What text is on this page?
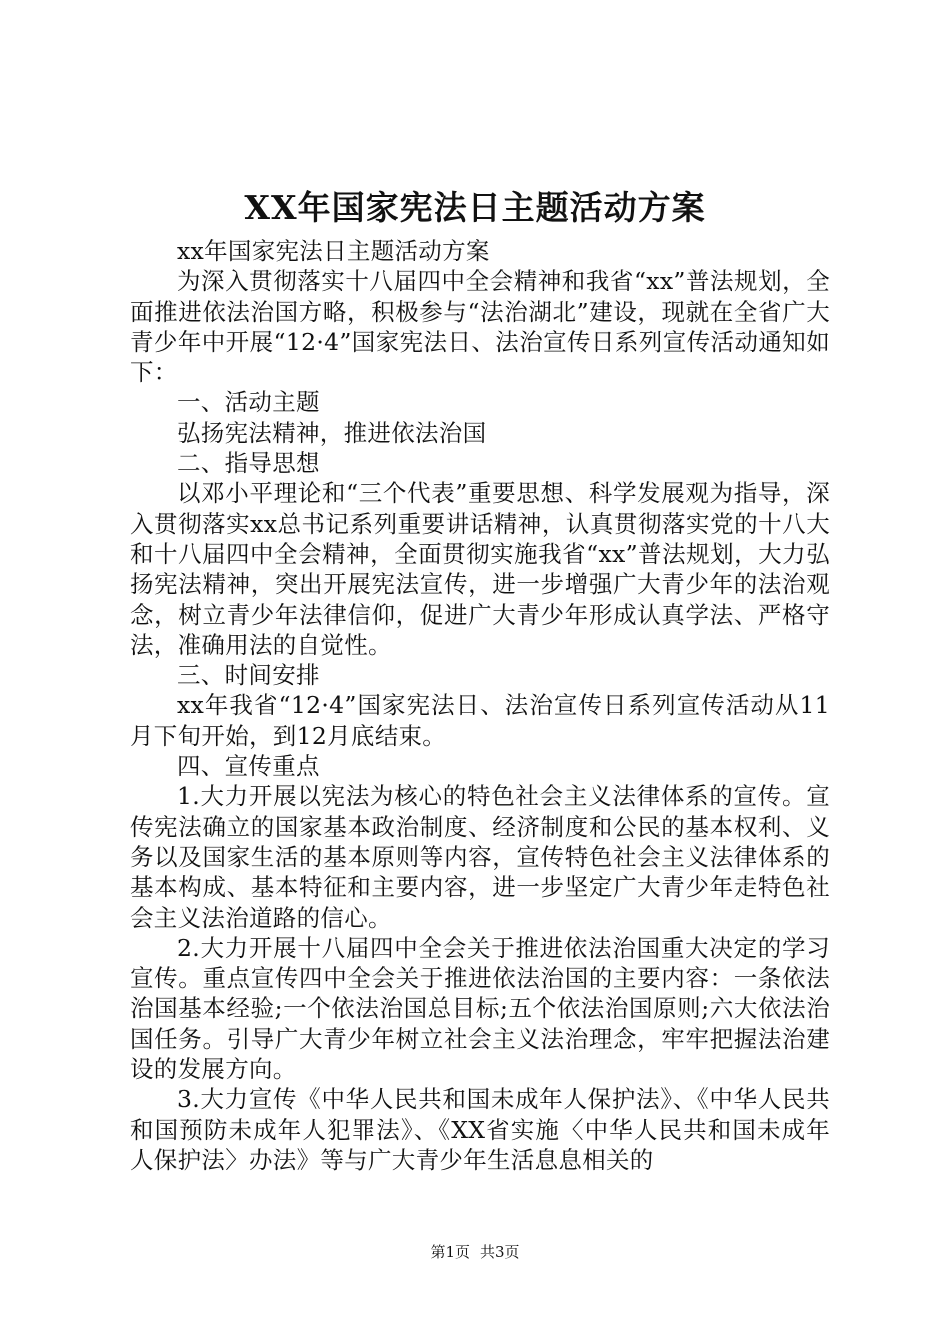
XX年国家宪法日主题活动方案

xx年国家宪法日主题活动方案

为深入贯彻落实十八届四中全会精神和我省“xx”普法规划，全面推进依法治国方略，积极参与“法治湖北”建设，现就在全省广大青少年中开展“12·4”国家宪法日、法治宣传日系列宣传活动通知如下：

一、活动主题

弘扬宪法精神，推进依法治国

二、指导思想

以邓小平理论和“三个代表”重要思想、科学发展观为指导，深入贯彻落实xx总书记系列重要讲话精神，认真贯彻落实党的十八大和十八届四中全会精神，全面贯彻实施我省“xx”普法规划，大力弘扬宪法精神，突出开展宪法宣传，进一步增强广大青少年的法治观念，树立青少年法律信仰，促进广大青少年形成认真学法、严格守法，准确用法的自觉性。

三、时间安排

xx年我省“12·4”国家宪法日、法治宣传日系列宣传活动从11月下旬开始，到12月底结束。

四、宣传重点

1.大力开展以宪法为核心的特色社会主义法律体系的宣传。宣传宪法确立的国家基本政治制度、经济制度和公民的基本权利、义务以及国家生活的基本原则等内容，宣传特色社会主义法律体系的基本构成、基本特征和主要内容，进一步坚定广大青少年走特色社会主义法治道路的信心。

2.大力开展十八届四中全会关于推进依法治国重大决定的学习宣传。重点宣传四中全会关于推进依法治国的主要内容：一条依法治国基本经验;一个依法治国总目标;五个依法治国原则;六大依法治国任务。引导广大青少年树立社会主义法治理念，牢牢把握法治建设的发展方向。

3.大力宣传《中华人民共和国未成年人保护法》、《中华人民共和国预防未成年人犯罪法》、《XX省实施〈中华人民共和国未成年人保护法〉办法》等与广大青少年生活息息相关的

第1页 共3页
